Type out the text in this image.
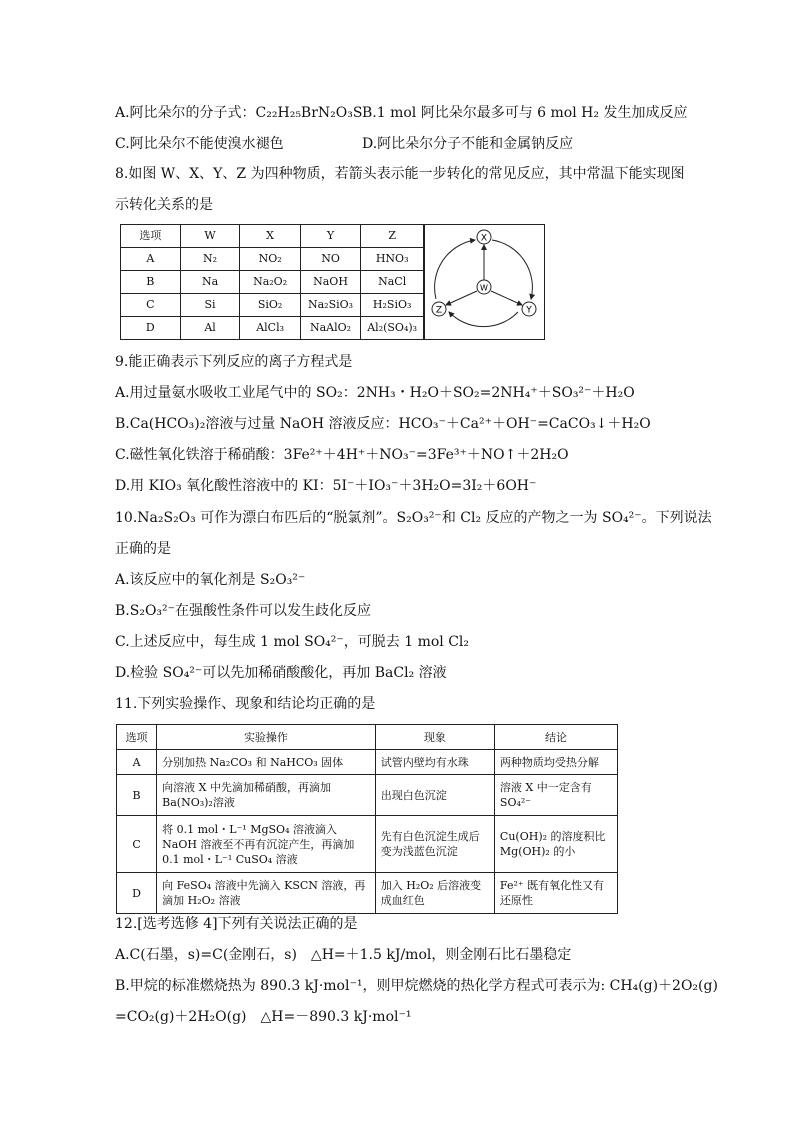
A.阿比朵尔的分子式：C₂₂H₂₅BrN₂O₃S B.1 mol 阿比朵尔最多可与 6 mol H₂ 发生加成反应
C.阿比朵尔不能使溴水褪色	D.阿比朵尔分子不能和金属钠反应
8.如图 W、X、Y、Z 为四种物质，若箭头表示能一步转化的常见反应，其中常温下能实现图
示转化关系的是
选项	W	X	Y	Z
A	N₂	NO₂	NO	HNO₃
B	Na	Na₂O₂	NaOH	NaCl
C	Si	SiO₂	Na₂SiO₃	H₂SiO₃
D	Al	AlCl₃	NaAlO₂	Al₂(SO₄)₃
X
W
Z	Y
9.能正确表示下列反应的离子方程式是
A.用过量氨水吸收工业尾气中的 SO₂：2NH₃・H₂O＋SO₂=2NH₄⁺＋SO₃²⁻＋H₂O
B.Ca(HCO₃)₂溶液与过量 NaOH 溶液反应：HCO₃⁻＋Ca²⁺＋OH⁻=CaCO₃↓＋H₂O
C.磁性氧化铁溶于稀硝酸：3Fe²⁺＋4H⁺＋NO₃⁻=3Fe³⁺＋NO↑＋2H₂O
D.用 KIO₃ 氧化酸性溶液中的 KI：5I⁻＋IO₃⁻＋3H₂O=3I₂＋6OH⁻
10.Na₂S₂O₃ 可作为漂白布匹后的“脱氯剂”。S₂O₃²⁻和 Cl₂ 反应的产物之一为 SO₄²⁻。下列说法
正确的是
A.该反应中的氧化剂是 S₂O₃²⁻
B.S₂O₃²⁻在强酸性条件可以发生歧化反应
C.上述反应中，每生成 1 mol SO₄²⁻，可脱去 1 mol Cl₂
D.检验 SO₄²⁻可以先加稀硝酸酸化，再加 BaCl₂ 溶液
11.下列实验操作、现象和结论均正确的是
选项	实验操作	现象	结论
A	分别加热 Na₂CO₃ 和 NaHCO₃ 固体	试管内壁均有水珠	两种物质均受热分解
B	向溶液 X 中先滴加稀硝酸，再滴加 Ba(NO₃)₂溶液	出现白色沉淀	溶液 X 中一定含有 SO₄²⁻
C	将 0.1 mol・L⁻¹ MgSO₄ 溶液滴入 NaOH 溶液至不再有沉淀产生，再滴加 0.1 mol・L⁻¹ CuSO₄ 溶液	先有白色沉淀生成后变为浅蓝色沉淀	Cu(OH)₂ 的溶度积比 Mg(OH)₂ 的小
D	向 FeSO₄ 溶液中先滴入 KSCN 溶液，再滴加 H₂O₂ 溶液	加入 H₂O₂ 后溶液变成血红色	Fe²⁺ 既有氧化性又有还原性
12.[选考选修 4]下列有关说法正确的是
A.C(石墨，s)=C(金刚石，s)　△H=＋1.5 kJ/mol，则金刚石比石墨稳定
B.甲烷的标准燃烧热为 890.3 kJ·mol⁻¹，则甲烷燃烧的热化学方程式可表示为: CH₄(g)＋2O₂(g)
=CO₂(g)＋2H₂O(g)　△H=－890.3 kJ·mol⁻¹
